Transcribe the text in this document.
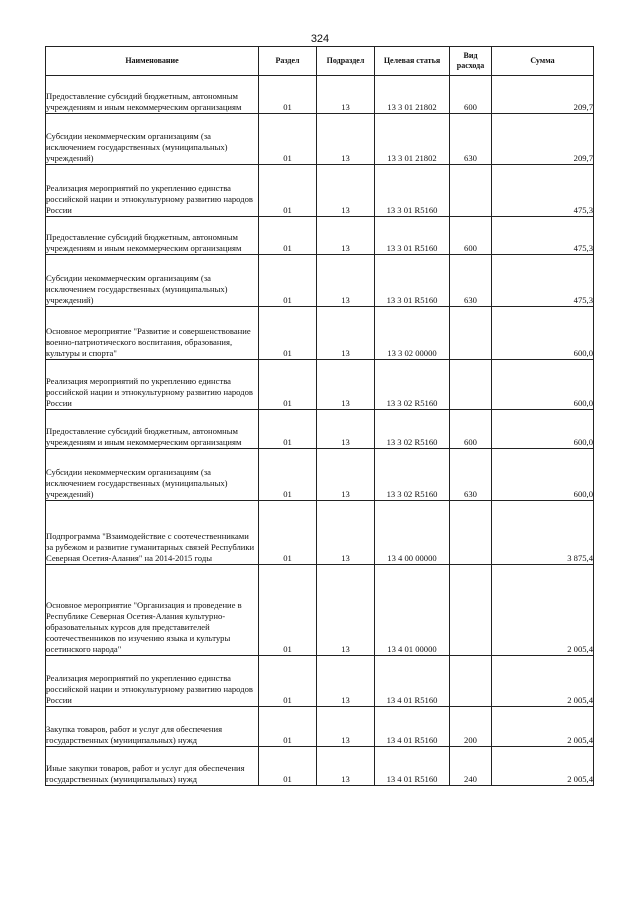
324
Наименование	Раздел	Подраздел	Целевая статья	Вид расхода	Сумма
Предоставление субсидий бюджетным, автономным учреждениям и иным некоммерческим организациям	01	13	13 3 01 21802	600	209,7
Субсидии некоммерческим организациям (за исключением государственных (муниципальных) учреждений)	01	13	13 3 01 21802	630	209,7
Реализация мероприятий по укреплению единства российской нации и этнокультурному развитию народов России	01	13	13 3 01 R5160		475,3
Предоставление субсидий бюджетным, автономным учреждениям и иным некоммерческим организациям	01	13	13 3 01 R5160	600	475,3
Субсидии некоммерческим организациям (за исключением государственных (муниципальных) учреждений)	01	13	13 3 01 R5160	630	475,3
Основное мероприятие "Развитие и совершенствование военно-патриотического воспитания, образования, культуры и спорта"	01	13	13 3 02 00000		600,0
Реализация мероприятий по укреплению единства российской нации и этнокультурному развитию народов России	01	13	13 3 02 R5160		600,0
Предоставление субсидий бюджетным, автономным учреждениям и иным некоммерческим организациям	01	13	13 3 02 R5160	600	600,0
Субсидии некоммерческим организациям (за исключением государственных (муниципальных) учреждений)	01	13	13 3 02 R5160	630	600,0
Подпрограмма "Взаимодействие с соотечественниками за рубежом и развитие гуманитарных связей Республики Северная Осетия-Алания" на 2014-2015 годы	01	13	13 4 00 00000		3 875,4
Основное мероприятие "Организация и проведение в Республике Северная Осетия-Алания культурно-образовательных курсов для представителей соотечественников по изучению языка и культуры осетинского народа"	01	13	13 4 01 00000		2 005,4
Реализация мероприятий по укреплению единства российской нации и этнокультурному развитию народов России	01	13	13 4 01 R5160		2 005,4
Закупка товаров, работ и услуг для обеспечения государственных (муниципальных) нужд	01	13	13 4 01 R5160	200	2 005,4
Иные закупки товаров, работ и услуг для обеспечения государственных (муниципальных) нужд	01	13	13 4 01 R5160	240	2 005,4
